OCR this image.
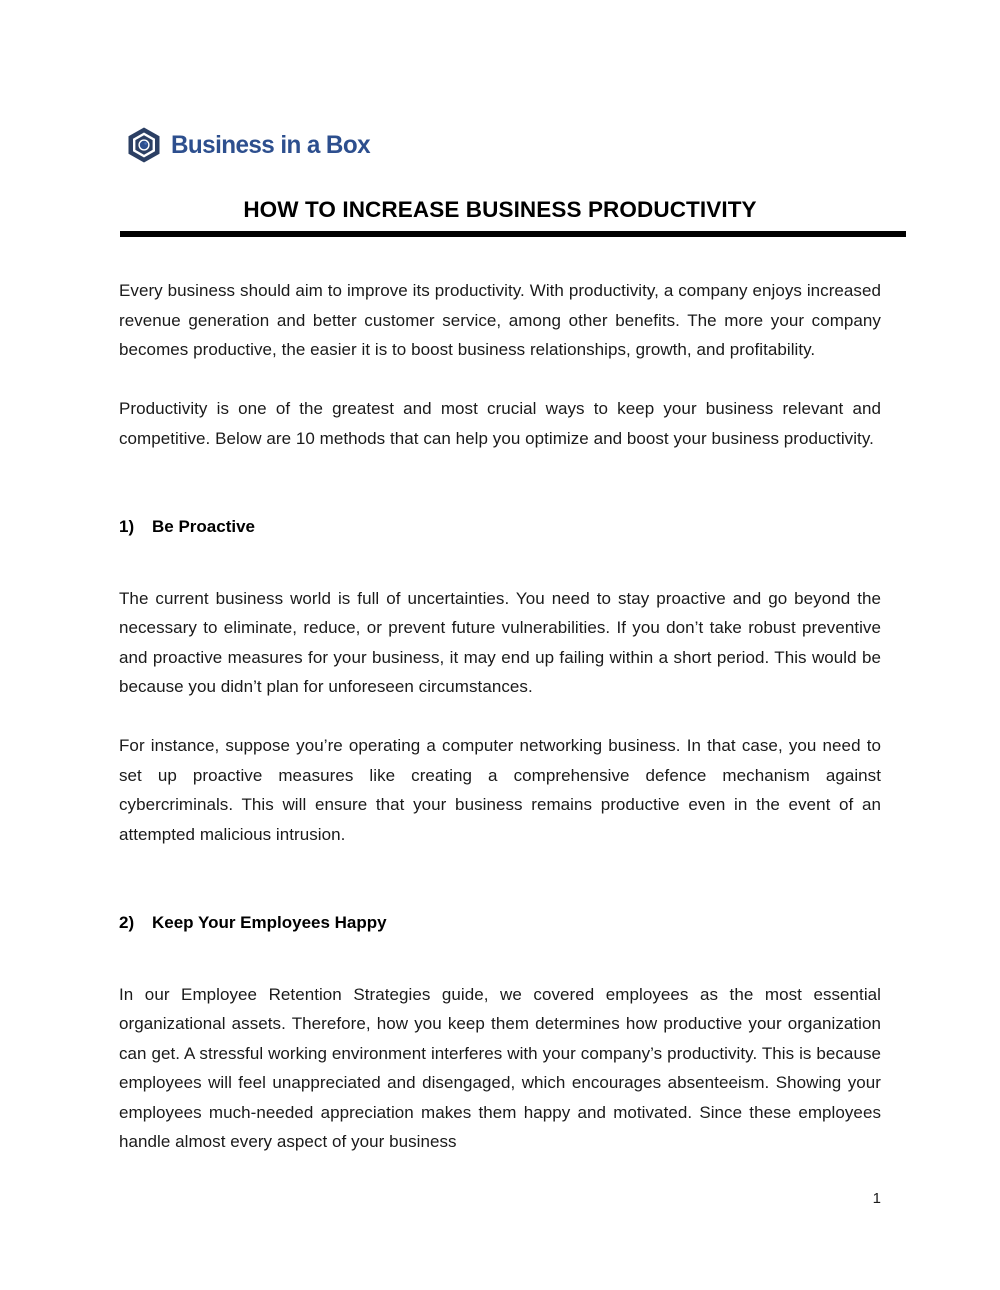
Business in a Box
HOW TO INCREASE BUSINESS PRODUCTIVITY

Every business should aim to improve its productivity. With productivity, a company enjoys increased revenue generation and better customer service, among other benefits. The more your company becomes productive, the easier it is to boost business relationships, growth, and profitability.

Productivity is one of the greatest and most crucial ways to keep your business relevant and competitive. Below are 10 methods that can help you optimize and boost your business productivity.

1) Be Proactive

The current business world is full of uncertainties. You need to stay proactive and go beyond the necessary to eliminate, reduce, or prevent future vulnerabilities. If you don’t take robust preventive and proactive measures for your business, it may end up failing within a short period. This would be because you didn’t plan for unforeseen circumstances.

For instance, suppose you’re operating a computer networking business. In that case, you need to set up proactive measures like creating a comprehensive defence mechanism against cybercriminals. This will ensure that your business remains productive even in the event of an attempted malicious intrusion.

2) Keep Your Employees Happy

In our Employee Retention Strategies guide, we covered employees as the most essential organizational assets. Therefore, how you keep them determines how productive your organization can get. A stressful working environment interferes with your company’s productivity. This is because employees will feel unappreciated and disengaged, which encourages absenteeism. Showing your employees much-needed appreciation makes them happy and motivated. Since these employees handle almost every aspect of your business

1
